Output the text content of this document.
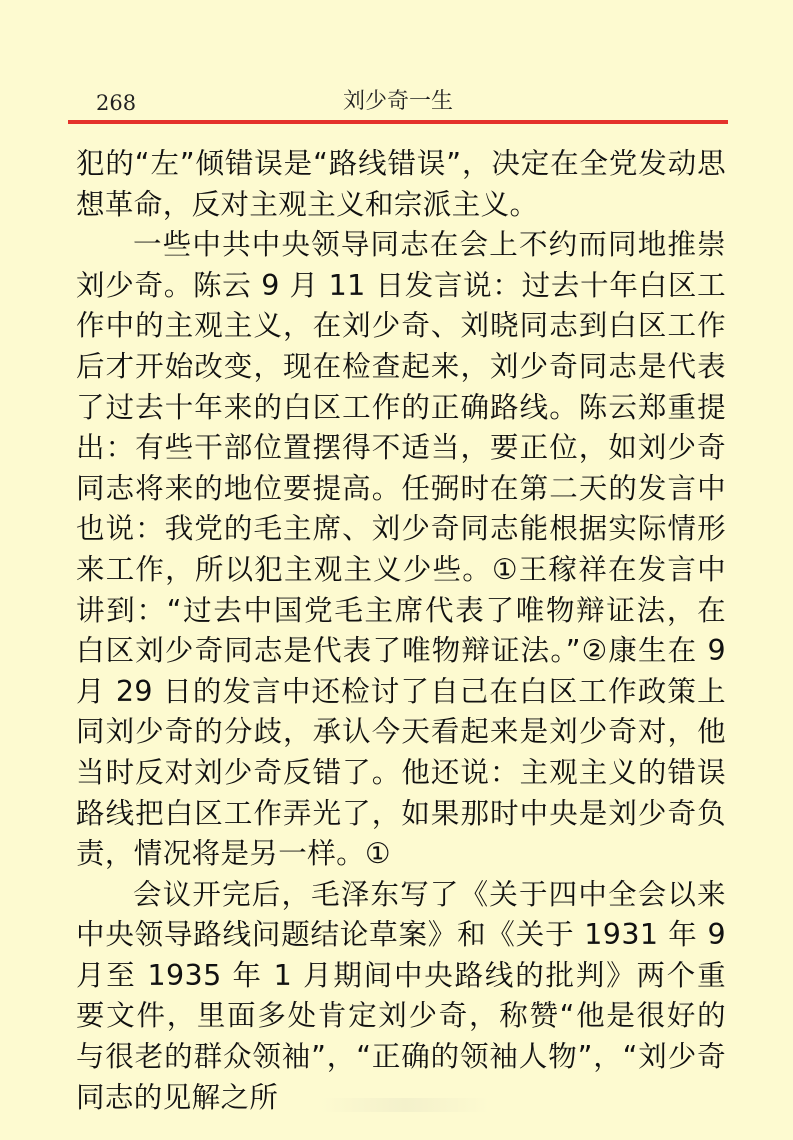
268	刘少奇一生

犯的“左”倾错误是“路线错误”，决定在全党发动思想革命，反对主观主义和宗派主义。

一些中共中央领导同志在会上不约而同地推崇刘少奇。陈云 9 月 11 日发言说：过去十年白区工作中的主观主义，在刘少奇、刘晓同志到白区工作后才开始改变，现在检查起来，刘少奇同志是代表了过去十年来的白区工作的正确路线。陈云郑重提出：有些干部位置摆得不适当，要正位，如刘少奇同志将来的地位要提高。任弼时在第二天的发言中也说：我党的毛主席、刘少奇同志能根据实际情形来工作，所以犯主观主义少些。①王稼祥在发言中讲到：“过去中国党毛主席代表了唯物辩证法，在白区刘少奇同志是代表了唯物辩证法。”②康生在 9 月 29 日的发言中还检讨了自己在白区工作政策上同刘少奇的分歧，承认今天看起来是刘少奇对，他当时反对刘少奇反错了。他还说：主观主义的错误路线把白区工作弄光了，如果那时中央是刘少奇负责，情况将是另一样。①

会议开完后，毛泽东写了《关于四中全会以来中央领导路线问题结论草案》和《关于 1931 年 9 月至 1935 年 1 月期间中央路线的批判》两个重要文件，里面多处肯定刘少奇，称赞“他是很好的与很老的群众领袖”，“正确的领袖人物”，“刘少奇同志的见解之所
